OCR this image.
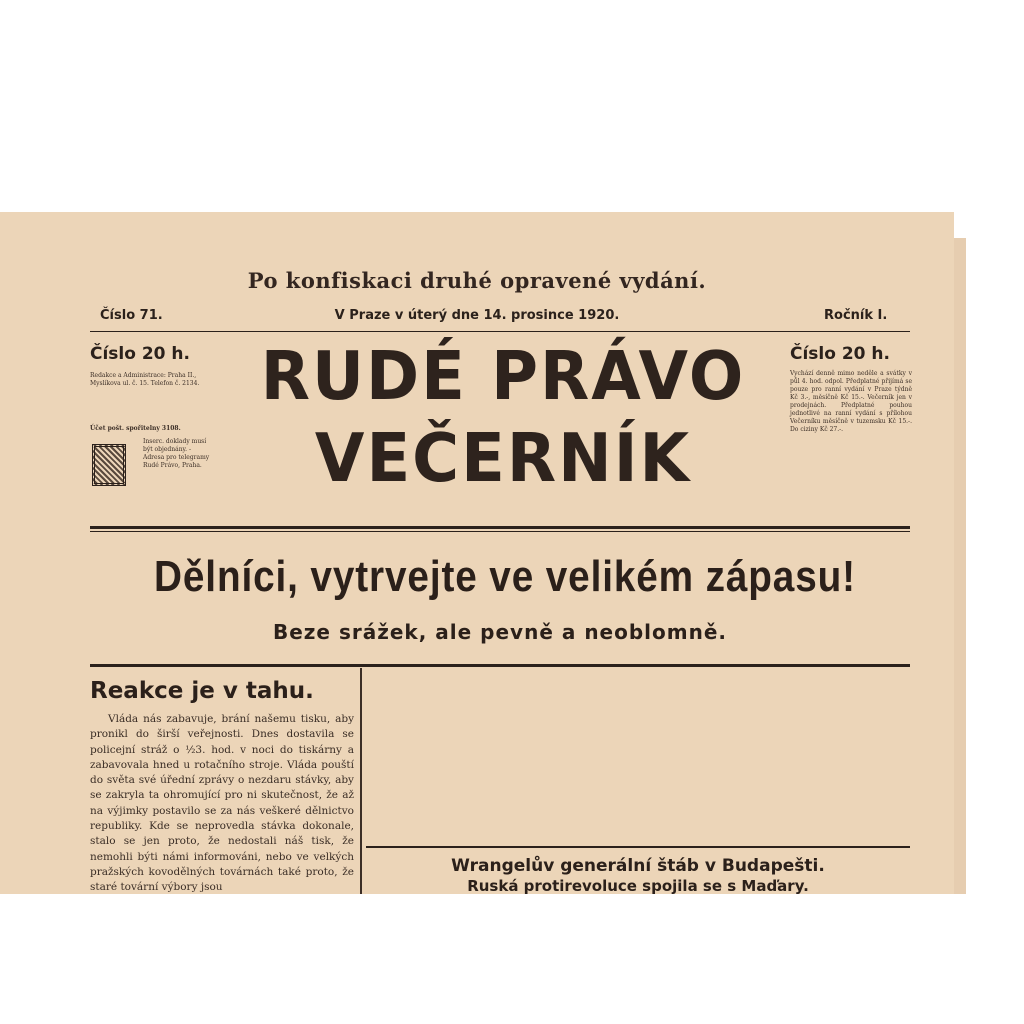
Po konfiskaci druhé opravené vydání.
Číslo 71.	V Praze v úterý dne 14. prosince 1920.	Ročník I.
Číslo 20 h.	Číslo 20 h.
Redakce a Administrace: Praha II., Myslíkova ul. č. 15. Telefon č. 2134.
Účet pošt. spořitelny 3108.
Inserc. doklady musí být objednány. - Adresa pro telegramy Rudé Právo, Praha.
Vychází denně mimo neděle a svátky v půl 4. hod. odpol. Předplatné přijímá se pouze pro ranní vydání v Praze týdně Kč 3.-, měsíčně Kč 15.-. Večerník jen v prodejnách. Předplatné pouhou jednotlivé na ranní vydání s přílohou Večerníku měsíčně v tuzemsku Kč 15.-. Do ciziny Kč 27.-.
RUDÉ PRÁVO
VEČERNÍK
Dělníci, vytrvejte ve velikém zápasu!
Beze srážek, ale pevně a neoblomně.
Reakce je v tahu.
Vláda nás zabavuje, brání našemu tisku, aby pronikl do širší veřejnosti. Dnes dostavila se policejní stráž o ½3. hod. v noci do tiskárny a zabavovala hned u rotačního stroje. Vláda pouští do světa své úřední zprávy o nezdaru stávky, aby se zakryla ta ohromující pro ni skutečnost, že až na výjimky postavilo se za nás veškeré dělnictvo republiky. Kde se neprovedla stávka dokonale, stalo se jen proto, že nedostali náš tisk, že nemohli býti námi informováni, nebo ve velkých pražských kovodělných továrnách také proto, že staré tovární výbory jsou
Wrangelův generální štáb v Budapešti.
Ruská protirevoluce spojila se s Maďary.
